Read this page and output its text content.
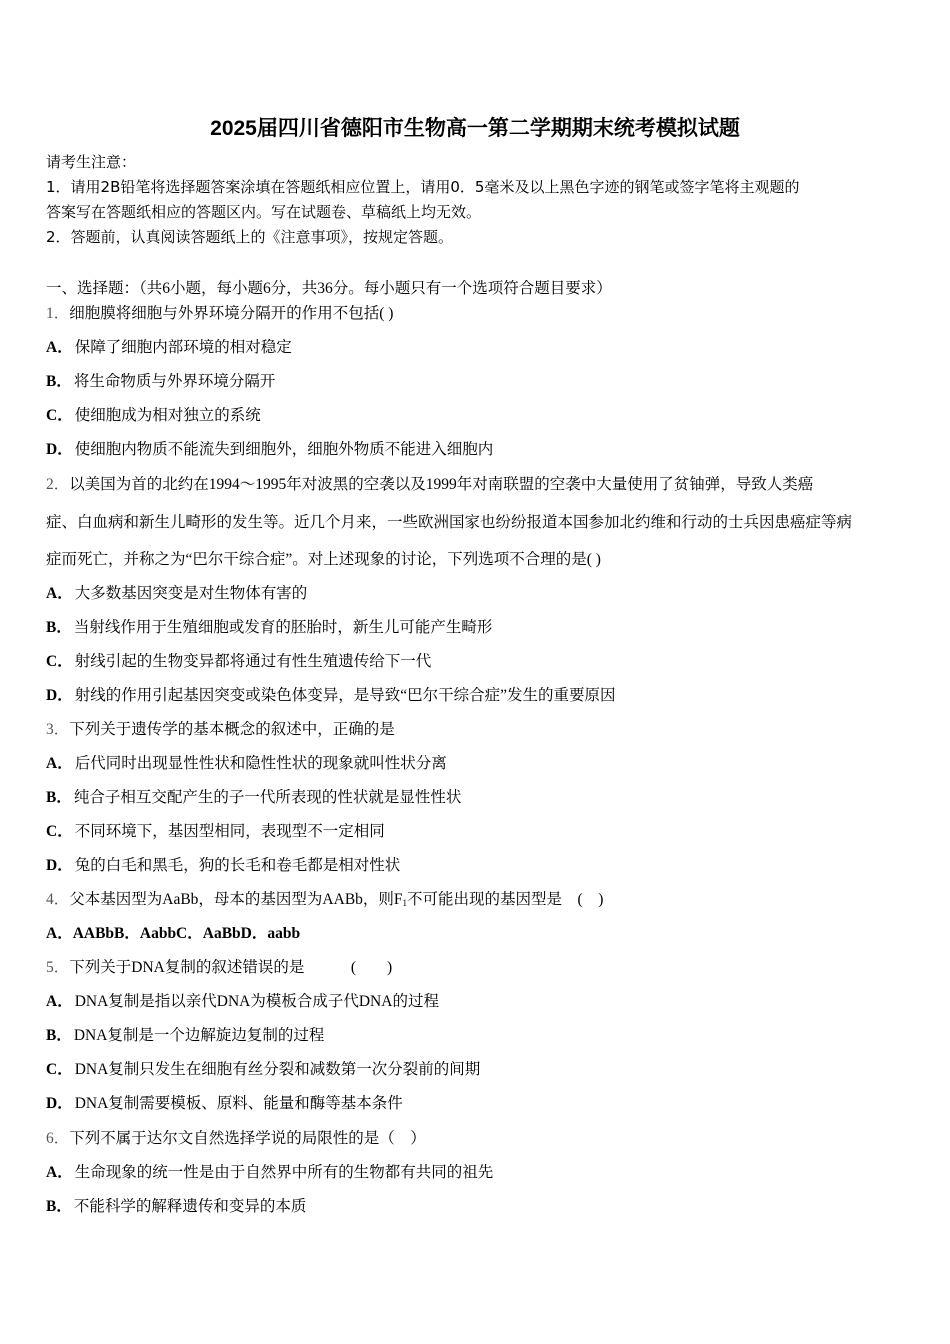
2025届四川省德阳市生物高一第二学期期末统考模拟试题
请考生注意：
1．请用2B铅笔将选择题答案涂填在答题纸相应位置上，请用0．5毫米及以上黑色字迹的钢笔或签字笔将主观题的
答案写在答题纸相应的答题区内。写在试题卷、草稿纸上均无效。
2．答题前，认真阅读答题纸上的《注意事项》，按规定答题。
一、选择题：（共6小题，每小题6分，共36分。每小题只有一个选项符合题目要求）
1．细胞膜将细胞与外界环境分隔开的作用不包括( )
A． 保障了细胞内部环境的相对稳定
B． 将生命物质与外界环境分隔开
C． 使细胞成为相对独立的系统
D． 使细胞内物质不能流失到细胞外，细胞外物质不能进入细胞内
2．以美国为首的北约在1994～1995年对波黑的空袭以及1999年对南联盟的空袭中大量使用了贫铀弹，导致人类癌
症、白血病和新生儿畸形的发生等。近几个月来，一些欧洲国家也纷纷报道本国参加北约维和行动的士兵因患癌症等病
症而死亡，并称之为“巴尔干综合症”。对上述现象的讨论，下列选项不合理的是( )
A． 大多数基因突变是对生物体有害的
B． 当射线作用于生殖细胞或发育的胚胎时，新生儿可能产生畸形
C． 射线引起的生物变异都将通过有性生殖遗传给下一代
D． 射线的作用引起基因突变或染色体变异，是导致“巴尔干综合症”发生的重要原因
3．下列关于遗传学的基本概念的叙述中，正确的是
A． 后代同时出现显性性状和隐性性状的现象就叫性状分离
B． 纯合子相互交配产生的子一代所表现的性状就是显性性状
C． 不同环境下，基因型相同，表现型不一定相同
D． 兔的白毛和黑毛，狗的长毛和卷毛都是相对性状
4．父本基因型为AaBb，母本的基因型为AABb，则$F_1$不可能出现的基因型是　(　)
A．AABbB．AabbC．AaBbD．aabb
5．下列关于DNA复制的叙述错误的是　　　(　　)
A． DNA复制是指以亲代DNA为模板合成子代DNA的过程
B． DNA复制是一个边解旋边复制的过程
C． DNA复制只发生在细胞有丝分裂和减数第一次分裂前的间期
D． DNA复制需要模板、原料、能量和酶等基本条件
6．下列不属于达尔文自然选择学说的局限性的是（　）
A． 生命现象的统一性是由于自然界中所有的生物都有共同的祖先
B． 不能科学的解释遗传和变异的本质
